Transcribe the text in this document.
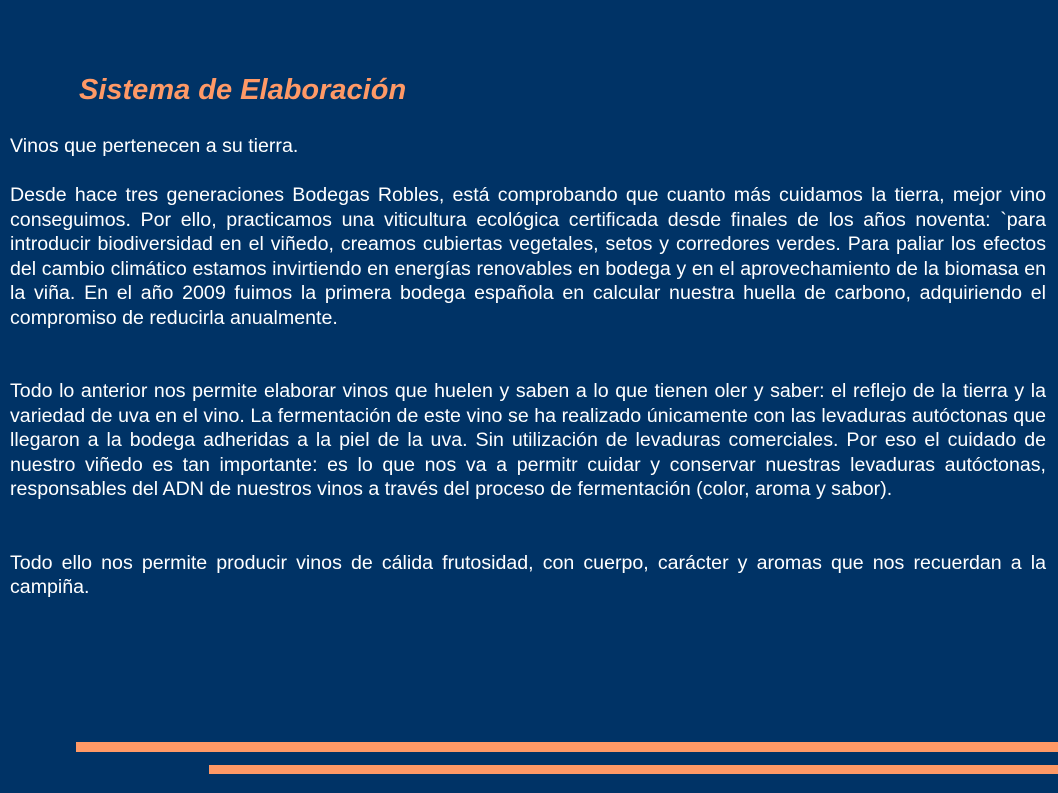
Sistema de Elaboración

Vinos que pertenecen a su tierra.

Desde hace tres generaciones Bodegas Robles, está comprobando que cuanto más cuidamos la tierra, mejor vino conseguimos. Por ello, practicamos una viticultura ecológica certificada desde finales de los años noventa: `para introducir biodiversidad en el viñedo, creamos cubiertas vegetales, setos y corredores verdes. Para paliar los efectos del cambio climático estamos invirtiendo en energías renovables en bodega y en el aprovechamiento de la biomasa en la viña. En el año 2009 fuimos la primera bodega española en calcular nuestra huella de carbono, adquiriendo el compromiso de reducirla anualmente.

Todo lo anterior nos permite elaborar vinos que huelen y saben a lo que tienen oler y saber: el reflejo de la tierra y la variedad de uva en el vino. La fermentación de este vino se ha realizado únicamente con las levaduras autóctonas que llegaron a la bodega adheridas a la piel de la uva. Sin utilización de levaduras comerciales. Por eso el cuidado de nuestro viñedo es tan importante: es lo que nos va a permitr cuidar y conservar nuestras levaduras autóctonas, responsables del ADN de nuestros vinos a través del proceso de fermentación (color, aroma y sabor).

Todo ello nos permite producir vinos de cálida frutosidad, con cuerpo, carácter y aromas que nos recuerdan a la campiña.
